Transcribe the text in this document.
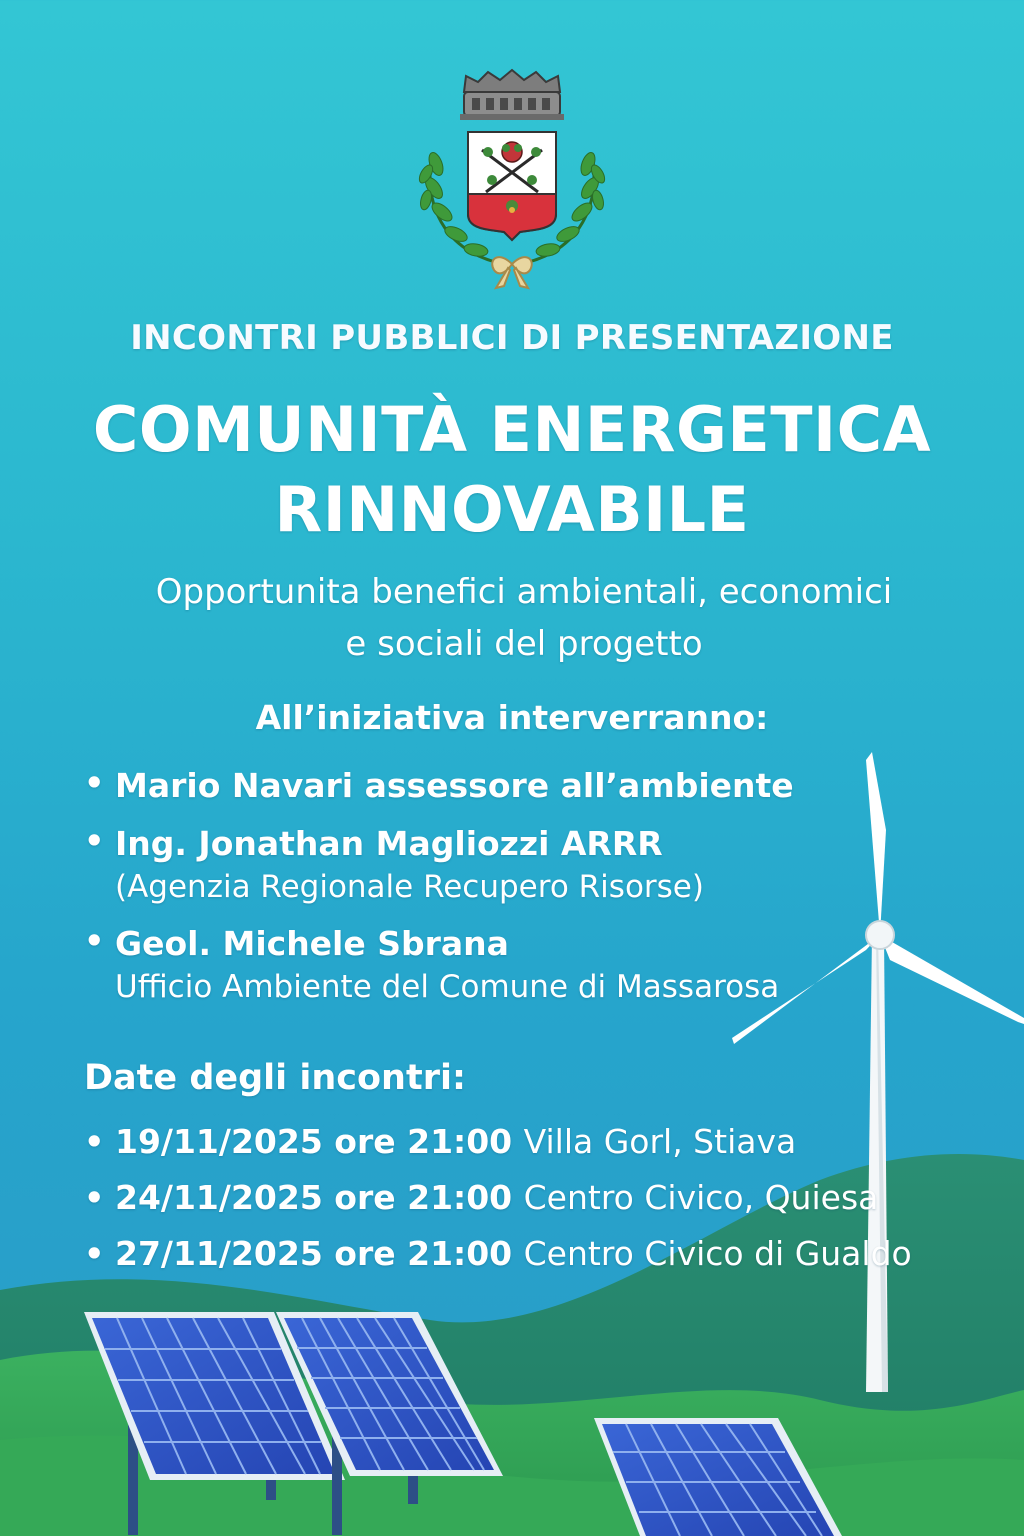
INCONTRI PUBBLICI DI PRESENTAZIONE
COMUNITÀ ENERGETICA
RINNOVABILE
Opportunita benefici ambientali, economici
e sociali del progetto
All’iniziativa interverranno:
• Mario Navari assessore all’ambiente
• Ing. Jonathan Magliozzi ARRR
(Agenzia Regionale Recupero Risorse)
• Geol. Michele Sbrana
Ufficio Ambiente del Comune di Massarosa
Date degli incontri:
• 19/11/2025 ore 21:00 Villa Gorl, Stiava
• 24/11/2025 ore 21:00 Centro Civico, Quiesa
• 27/11/2025 ore 21:00 Centro Civico di Gualdo
